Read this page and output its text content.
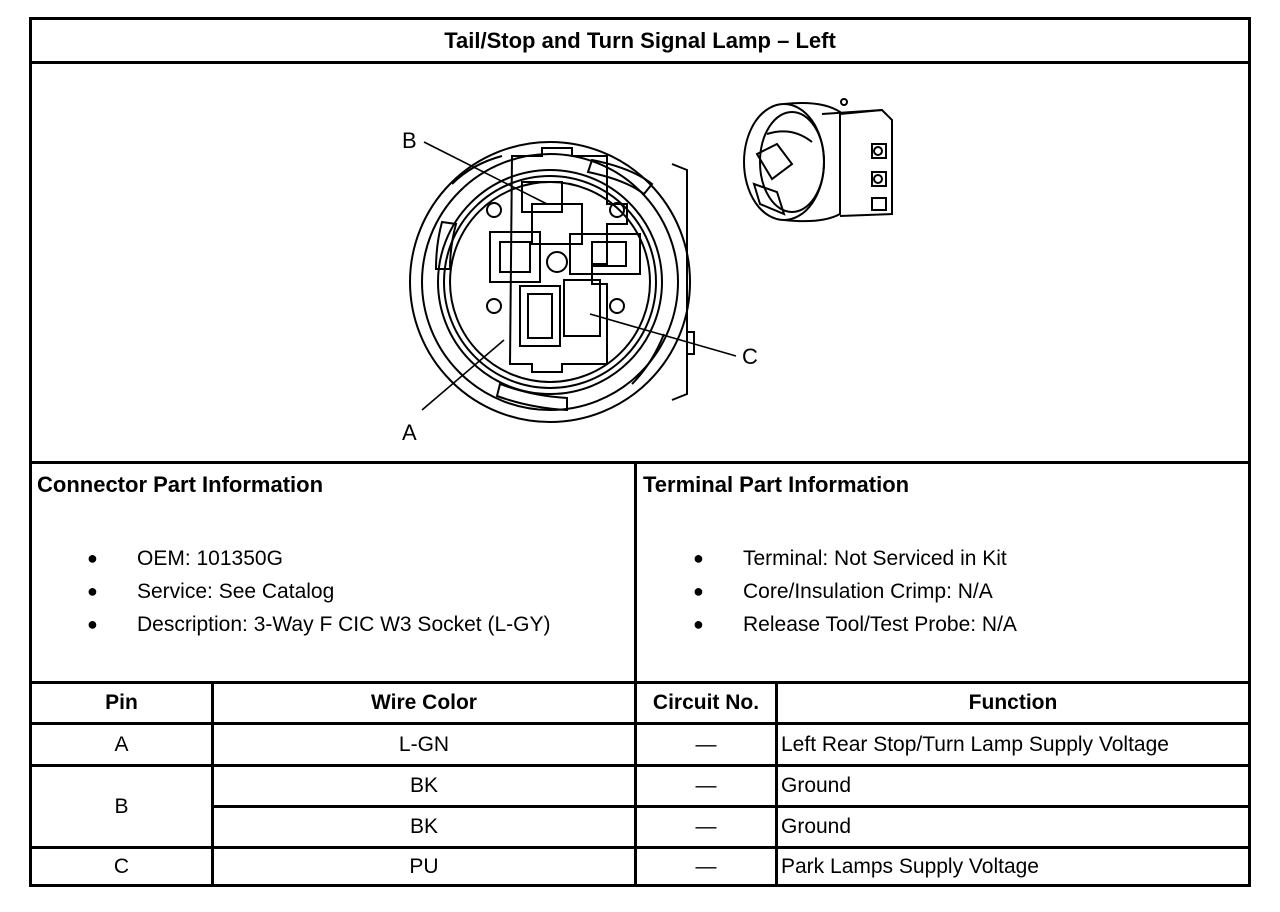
Tail/Stop and Turn Signal Lamp – Left
B
C
A
Connector Part Information
● OEM: 101350G
● Service: See Catalog
● Description: 3-Way F CIC W3 Socket (L-GY)
Terminal Part Information
● Terminal: Not Serviced in Kit
● Core/Insulation Crimp: N/A
● Release Tool/Test Probe: N/A
Pin	Wire Color	Circuit No.	Function
A	L-GN	—	Left Rear Stop/Turn Lamp Supply Voltage
B
BK	—	Ground
BK	—	Ground
C	PU	—	Park Lamps Supply Voltage
